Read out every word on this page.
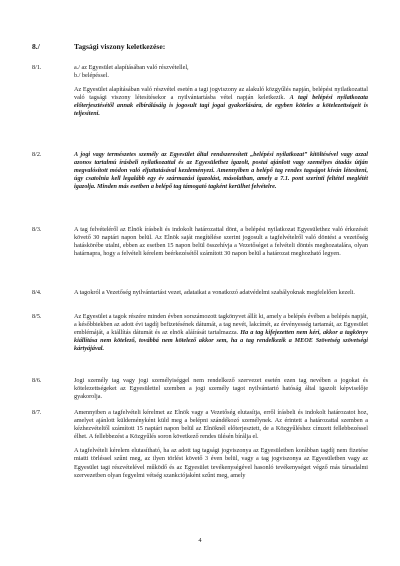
8./	Tagsági viszony keletkezése:
8/1.	a./ az Egyesület alapításában való részvétellel,
b./ belépéssel.

Az Egyesület alapításában való részvétel esetén a tagi jogviszony az alakuló közgyűlés napján, belépési nyilatkozattal való tagsági viszony létesítésekor a nyilvántartásba vétel napján keletkezik. A tagi belépési nyilatkozata előterjesztésétől annak elbírálásáig is jogosult tagi jogai gyakorlására, de egyben köteles a kötelezettségeit is teljesíteni.

8/2.	A jogi vagy természetes személy az Egyesület által rendszeresített „belépési nyilatkozat” kitöltésével vagy azzal azonos tartalmú írásbeli nyilatkozattal és az Egyesülethez igazolt, postai ajánlott vagy személyes átadás útján megvalósított módon való eljuttatásával kezdeményezi. Amennyiben a belépő tag rendes tagságot kíván létesíteni, úgy csatolnia kell legalább egy év származási igazolást, másolatban, amely a 7.1. pont szerinti feltétel meglétét igazolja. Minden más esetben a belépő tag támogató tagként kerülhet felvételre.

8/3.	A tag felvételéről az Elnök írásbeli és indokolt határozattal dönt, a belépési nyilatkozat Egyesülethez való érkezését követő 30 naptári napon belül. Az Elnök saját megítélése szerint jogosult a tagfelvételről való döntést a vezetőség hatáskörébe utalni, ebben az esetben 15 napon belül összehívja a Vezetőséget a felvételi döntés meghozatalára, olyan határnapra, hogy a felvételi kérelem beérkezésétől számított 30 napon belül a határozat meghozható legyen.

8/4.	A tagokról a Vezetőség nyilvántartást vezet, adataikat a vonatkozó adatvédelmi szabályoknak megfelelően kezeli.

8/5.	Az Egyesület a tagok részére minden évben sorszámozott tagkönyvet állít ki, amely a belépés évében a belépés napját, a későbbiekben az adott évi tagdíj befizetésének dátumát, a tag nevét, lakcímét, az érvényesség tartamát, az Egyesület emblémáját, a kiállítás dátumát és az elnök aláírását tartalmazza. Ha a tag kifejezetten nem kéri, akkor a tagkönyv kiállítása nem kötelező, továbbá nem kötelező akkor sem, ha a tag rendelkezik a MEOE Szövetség szövetségi kártyájával.

8/6.	Jogi személy tag vagy jogi személyiséggel nem rendelkező szervezet esetén ezen tag nevében a jogokat és kötelezettségeket az Egyesülettel szemben a jogi személy tagot nyilvántartó hatóság által igazolt képviselője gyakorolja.

8/7.	Amennyiben a tagfelvételi kérelmet az Elnök vagy a Vezetőség elutasítja, erről írásbeli és indokolt határozatot hoz, amelyet ajánlott küldeményként küld meg a belépni szándékozó személynek. Az érintett a határozattal szemben a kézhezvételtől számított 15 naptári napon belül az Elnöknél előterjesztett, de a Közgyűléshez címzett fellebbezéssel élhet. A fellebbezést a Közgyűlés soron következő rendes ülésén bírálja el.

A tagfelvételi kérelem elutasítható, ha az adott tag tagsági jogviszonya az Egyesületben korábban tagdíj nem fizetése miatti törléssel szűnt meg, az ilyen törlést követő 3 éven belül, vagy a tag jogviszonya az Egyesületben vagy az Egyesület tagi részvételével működő és az Egyesület tevékenységével hasonló tevékenységet végző más társadalmi szervezetben olyan fegyelmi vétség szankciójaként szűnt meg, amely

4
